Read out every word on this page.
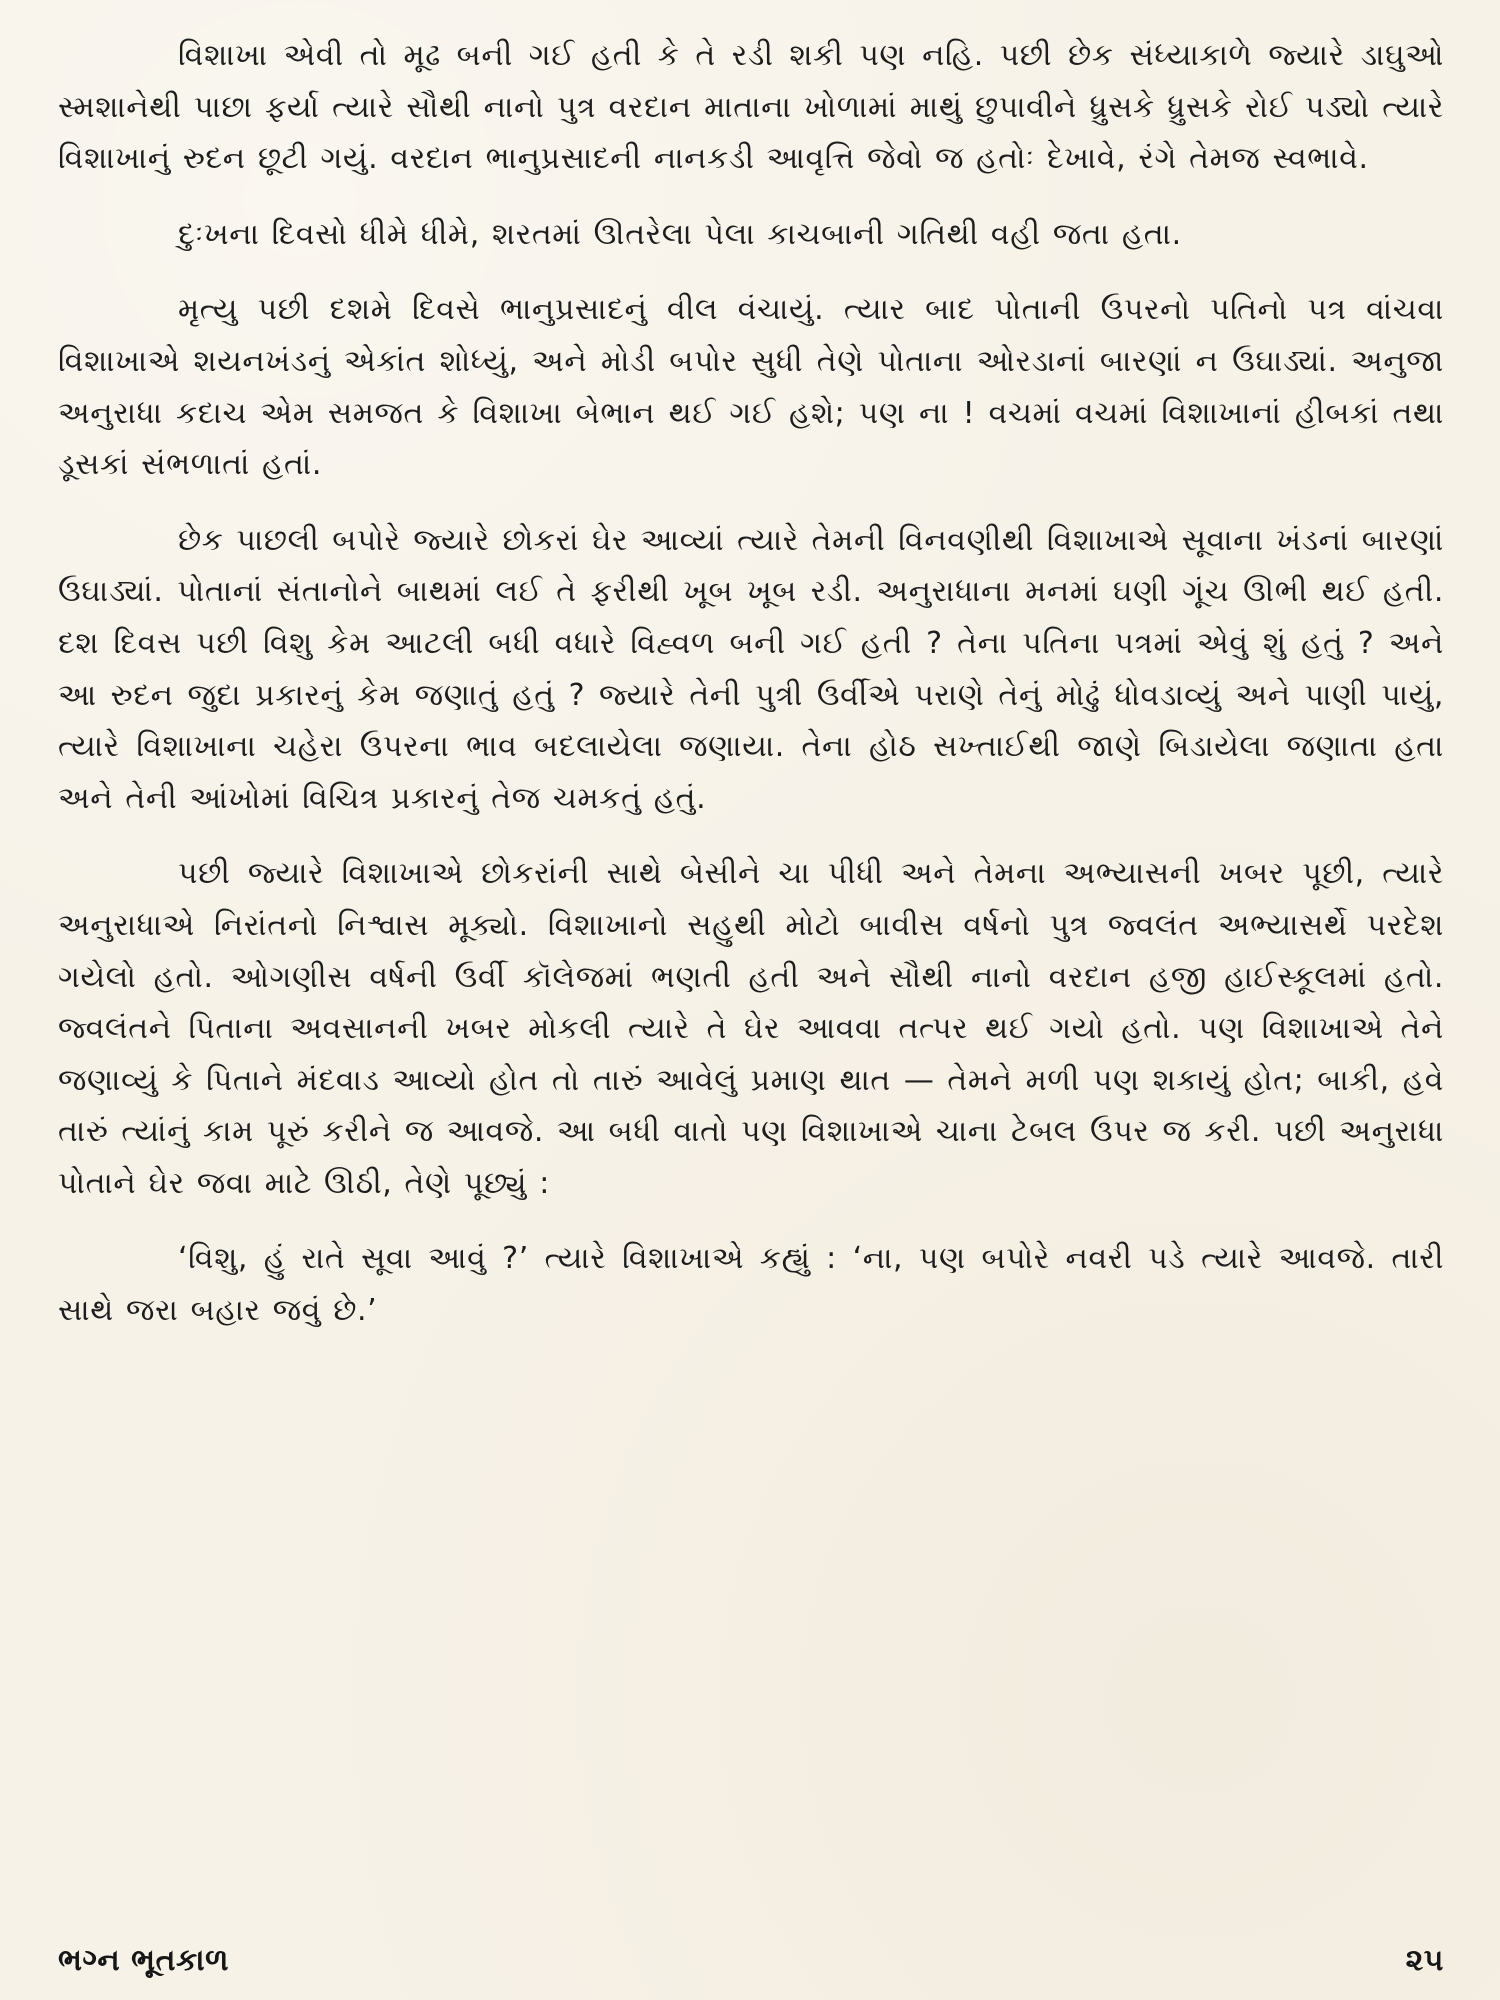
વિશાખા એવી તો મૂઢ બની ગઈ હતી કે તે રડી શકી પણ નહિ. પછી છેક સંધ્યાકાળે જ્યારે ડાઘુઓ સ્મશાનેથી પાછા ફર્યા ત્યારે સૌથી નાનો પુત્ર વરદાન માતાના ખોળામાં માથું છુપાવીને ધ્રુસકે ધ્રુસકે રોઈ પડ્યો ત્યારે વિશાખાનું રુદન છૂટી ગયું. વરદાન ભાનુપ્રસાદની નાનકડી આવૃત્તિ જેવો જ હતોઃ દેખાવે, રંગે તેમજ સ્વભાવે.

દુઃખના દિવસો ધીમે ધીમે, શરતમાં ઊતરેલા પેલા કાચબાની ગતિથી વહી જતા હતા.

મૃત્યુ પછી દશમે દિવસે ભાનુપ્રસાદનું વીલ વંચાયું. ત્યાર બાદ પોતાની ઉપરનો પતિનો પત્ર વાંચવા વિશાખાએ શયનખંડનું એકાંત શોધ્યું, અને મોડી બપોર સુધી તેણે પોતાના ઓરડાનાં બારણાં ન ઉઘાડ્યાં. અનુજા અનુરાધા કદાચ એમ સમજત કે વિશાખા બેભાન થઈ ગઈ હશે; પણ ના ! વચમાં વચમાં વિશાખાનાં હીબકાં તથા ડૂસકાં સંભળાતાં હતાં.

છેક પાછલી બપોરે જ્યારે છોકરાં ઘેર આવ્યાં ત્યારે તેમની વિનવણીથી વિશાખાએ સૂવાના ખંડનાં બારણાં ઉઘાડ્યાં. પોતાનાં સંતાનોને બાથમાં લઈ તે ફરીથી ખૂબ ખૂબ રડી. અનુરાધાના મનમાં ઘણી ગૂંચ ઊભી થઈ હતી. દશ દિવસ પછી વિશુ કેમ આટલી બધી વધારે વિહ્વળ બની ગઈ હતી ? તેના પતિના પત્રમાં એવું શું હતું ? અને આ રુદન જુદા પ્રકારનું કેમ જણાતું હતું ? જ્યારે તેની પુત્રી ઉર્વીએ પરાણે તેનું મોઢું ધોવડાવ્યું અને પાણી પાયું, ત્યારે વિશાખાના ચહેરા ઉપરના ભાવ બદલાયેલા જણાયા. તેના હોઠ સખ્તાઈથી જાણે બિડાયેલા જણાતા હતા અને તેની આંખોમાં વિચિત્ર પ્રકારનું તેજ ચમકતું હતું.

પછી જ્યારે વિશાખાએ છોકરાંની સાથે બેસીને ચા પીધી અને તેમના અભ્યાસની ખબર પૂછી, ત્યારે અનુરાધાએ નિરાંતનો નિશ્વાસ મૂક્યો. વિશાખાનો સહુથી મોટો બાવીસ વર્ષનો પુત્ર જ્વલંત અભ્યાસર્થે પરદેશ ગયેલો હતો. ઓગણીસ વર્ષની ઉર્વી કૉલેજમાં ભણતી હતી અને સૌથી નાનો વરદાન હજી હાઈસ્કૂલમાં હતો. જ્વલંતને પિતાના અવસાનની ખબર મોકલી ત્યારે તે ઘેર આવવા તત્પર થઈ ગયો હતો. પણ વિશાખાએ તેને જણાવ્યું કે પિતાને મંદવાડ આવ્યો હોત તો તારું આવેલું પ્રમાણ થાત — તેમને મળી પણ શકાયું હોત; બાકી, હવે તારું ત્યાંનું કામ પૂરું કરીને જ આવજે. આ બધી વાતો પણ વિશાખાએ ચાના ટેબલ ઉપર જ કરી. પછી અનુરાધા પોતાને ઘેર જવા માટે ઊઠી, તેણે પૂછ્યું :

‘વિશુ, હું રાતે સૂવા આવું ?’ ત્યારે વિશાખાએ કહ્યું : ‘ના, પણ બપોરે નવરી પડે ત્યારે આવજે. તારી સાથે જરા બહાર જવું છે.’

ભગ્ન ભૂતકાળ	૨૫
